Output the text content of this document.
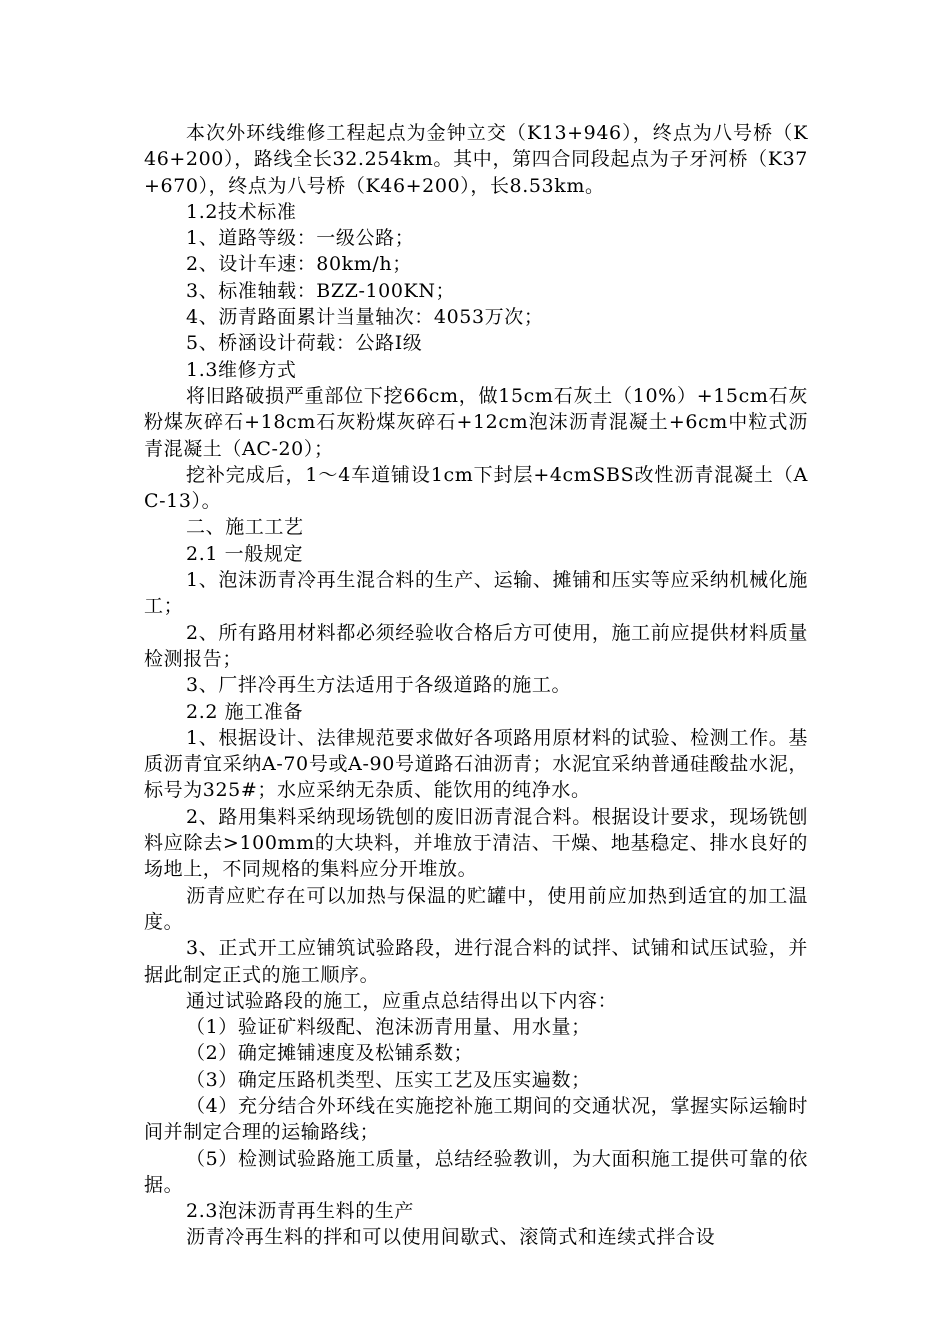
本次外环线维修工程起点为金钟立交（K13+946），终点为八号桥（K46+200），路线全长32.254km。其中，第四合同段起点为子牙河桥（K37+670），终点为八号桥（K46+200），长8.53km。

1.2技术标准

1、道路等级：一级公路；

2、设计车速：80km/h；

3、标准轴载：BZZ-100KN；

4、沥青路面累计当量轴次：4053万次；

5、桥涵设计荷载：公路Ⅰ级

1.3维修方式

将旧路破损严重部位下挖66cm，做15cm石灰土（10%）+15cm石灰粉煤灰碎石+18cm石灰粉煤灰碎石+12cm泡沫沥青混凝土+6cm中粒式沥青混凝土（AC-20）；

挖补完成后，1～4车道铺设1cm下封层+4cmSBS改性沥青混凝土（AC-13）。

二、施工工艺

2.1 一般规定

1、泡沫沥青冷再生混合料的生产、运输、摊铺和压实等应采纳机械化施工；

2、所有路用材料都必须经验收合格后方可使用，施工前应提供材料质量检测报告；

3、厂拌冷再生方法适用于各级道路的施工。

2.2 施工准备

1、根据设计、法律规范要求做好各项路用原材料的试验、检测工作。基质沥青宜采纳A-70号或A-90号道路石油沥青；水泥宜采纳普通硅酸盐水泥，标号为325#；水应采纳无杂质、能饮用的纯净水。

2、路用集料采纳现场铣刨的废旧沥青混合料。根据设计要求，现场铣刨料应除去>100mm的大块料，并堆放于清洁、干燥、地基稳定、排水良好的场地上，不同规格的集料应分开堆放。

沥青应贮存在可以加热与保温的贮罐中，使用前应加热到适宜的加工温度。

3、正式开工应铺筑试验路段，进行混合料的试拌、试铺和试压试验，并据此制定正式的施工顺序。

通过试验路段的施工，应重点总结得出以下内容：

（1）验证矿料级配、泡沫沥青用量、用水量；

（2）确定摊铺速度及松铺系数；

（3）确定压路机类型、压实工艺及压实遍数；

（4）充分结合外环线在实施挖补施工期间的交通状况，掌握实际运输时间并制定合理的运输路线；

（5）检测试验路施工质量，总结经验教训，为大面积施工提供可靠的依据。

2.3泡沫沥青再生料的生产

沥青冷再生料的拌和可以使用间歇式、滚筒式和连续式拌合设
